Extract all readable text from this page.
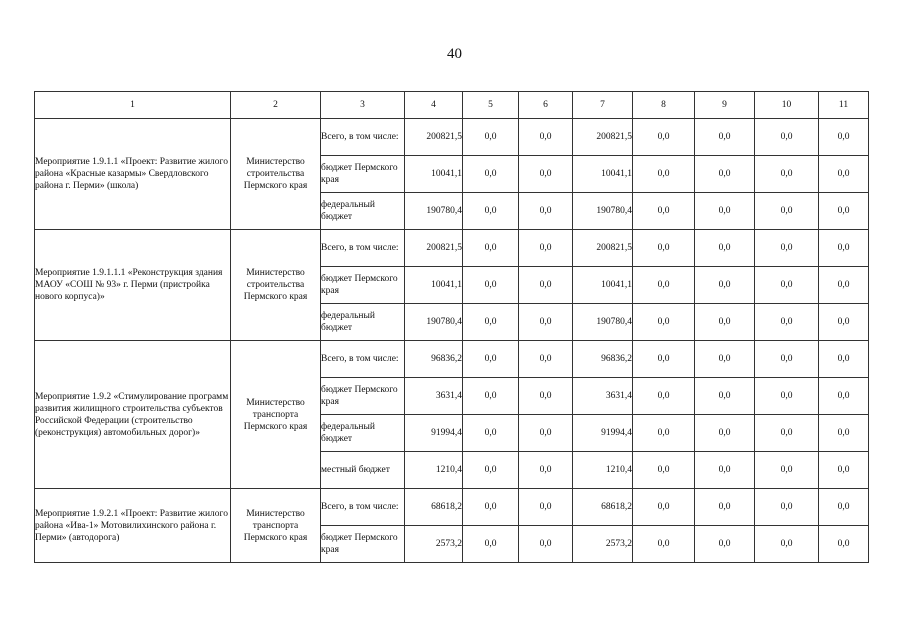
40
1	2	3	4	5	6	7	8	9	10	11
Мероприятие 1.9.1.1 «Проект: Развитие жилого района «Красные казармы» Свердловского района г. Перми» (школа)	Министерство строительства Пермского края	Всего, в том числе:	200821,5	0,0	0,0	200821,5	0,0	0,0	0,0	0,0
		бюджет Пермского края	10041,1	0,0	0,0	10041,1	0,0	0,0	0,0	0,0
		федеральный бюджет	190780,4	0,0	0,0	190780,4	0,0	0,0	0,0	0,0
Мероприятие 1.9.1.1.1 «Реконструкция здания МАОУ «СОШ № 93» г. Перми (пристройка нового корпуса)»	Министерство строительства Пермского края	Всего, в том числе:	200821,5	0,0	0,0	200821,5	0,0	0,0	0,0	0,0
		бюджет Пермского края	10041,1	0,0	0,0	10041,1	0,0	0,0	0,0	0,0
		федеральный бюджет	190780,4	0,0	0,0	190780,4	0,0	0,0	0,0	0,0
Мероприятие 1.9.2 «Стимулирование программ развития жилищного строительства субъектов Российской Федерации (строительство (реконструкция) автомобильных дорог)»	Министерство транспорта Пермского края	Всего, в том числе:	96836,2	0,0	0,0	96836,2	0,0	0,0	0,0	0,0
		бюджет Пермского края	3631,4	0,0	0,0	3631,4	0,0	0,0	0,0	0,0
		федеральный бюджет	91994,4	0,0	0,0	91994,4	0,0	0,0	0,0	0,0
		местный бюджет	1210,4	0,0	0,0	1210,4	0,0	0,0	0,0	0,0
Мероприятие 1.9.2.1 «Проект: Развитие жилого района «Ива-1» Мотовилихинского района г. Перми» (автодорога)	Министерство транспорта Пермского края	Всего, в том числе:	68618,2	0,0	0,0	68618,2	0,0	0,0	0,0	0,0
		бюджет Пермского края	2573,2	0,0	0,0	2573,2	0,0	0,0	0,0	0,0
